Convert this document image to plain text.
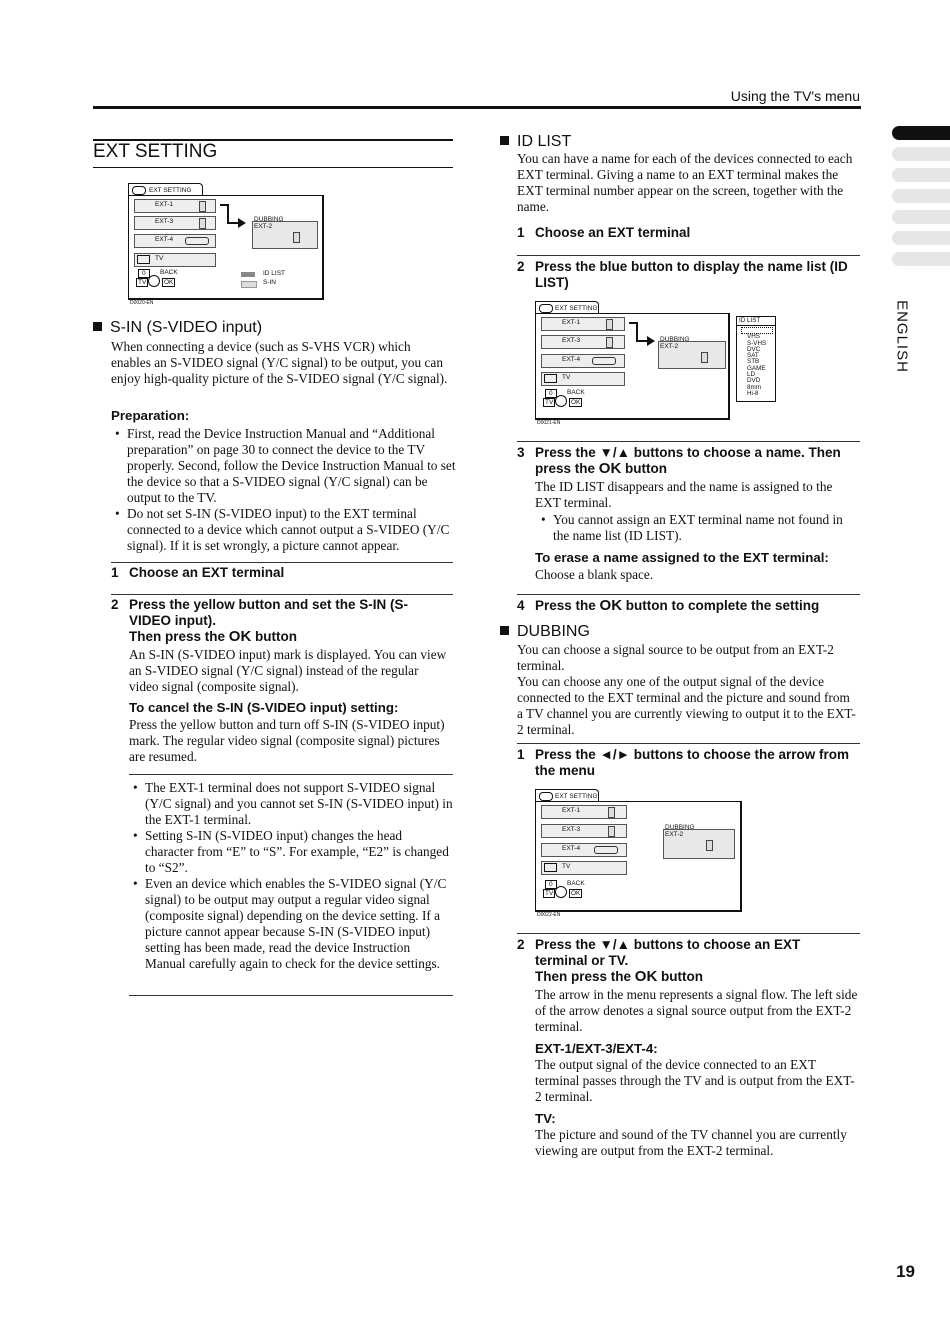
Using the TV's menu
ENGLISH
EXT SETTING
EXT SETTING
EXT-1
EXT-3
EXT-4
TV
DUBBING
EXT-2
0	BACK
TV	OK
ID LIST
S-IN
D0020-EN
S-IN (S-VIDEO input)
When connecting a device (such as S-VHS VCR) which enables an S-VIDEO signal (Y/C signal) to be output, you can enjoy high-quality picture of the S-VIDEO signal (Y/C signal).
Preparation:
• First, read the Device Instruction Manual and “Additional preparation” on page 30 to connect the device to the TV properly. Second, follow the Device Instruction Manual to set the device so that a S-VIDEO signal (Y/C signal) can be output to the TV.
• Do not set S-IN (S-VIDEO input) to the EXT terminal connected to a device which cannot output a S-VIDEO (Y/C signal). If it is set wrongly, a picture cannot appear.
1 Choose an EXT terminal
2 Press the yellow button and set the S-IN (S-VIDEO input).
Then press the OK button
An S-IN (S-VIDEO input) mark is displayed. You can view an S-VIDEO signal (Y/C signal) instead of the regular video signal (composite signal).
To cancel the S-IN (S-VIDEO input) setting:
Press the yellow button and turn off S-IN (S-VIDEO input) mark. The regular video signal (composite signal) pictures are resumed.
• The EXT-1 terminal does not support S-VIDEO signal (Y/C signal) and you cannot set S-IN (S-VIDEO input) in the EXT-1 terminal.
• Setting S-IN (S-VIDEO input) changes the head character from “E” to “S”. For example, “E2” is changed to “S2”.
• Even an device which enables the S-VIDEO signal (Y/C signal) to be output may output a regular video signal (composite signal) depending on the device setting. If a picture cannot appear because S-IN (S-VIDEO input) setting has been made, read the device Instruction Manual carefully again to check for the device settings.
ID LIST
You can have a name for each of the devices connected to each EXT terminal. Giving a name to an EXT terminal makes the EXT terminal number appear on the screen, together with the name.
1 Choose an EXT terminal
2 Press the blue button to display the name list (ID LIST)
EXT SETTING
EXT-1
EXT-3
EXT-4
TV
DUBBING
EXT-2
0	BACK
TV	OK
ID LIST
VHS
S-VHS
DVC
SAT
STB
GAME
LD
DVD
8mm
Hi-8
D0021-EN
3 Press the ▼/▲ buttons to choose a name. Then
press the OK button
The ID LIST disappears and the name is assigned to the EXT terminal.
• You cannot assign an EXT terminal name not found in the name list (ID LIST).
To erase a name assigned to the EXT terminal:
Choose a blank space.
4 Press the OK button to complete the setting
DUBBING
You can choose a signal source to be output from an EXT-2 terminal.
You can choose any one of the output signal of the device connected to the EXT terminal and the picture and sound from a TV channel you are currently viewing to output it to the EXT-2 terminal.
1 Press the ◄/► buttons to choose the arrow from the menu
EXT SETTING
EXT-1
EXT-3
EXT-4
TV
DUBBING
EXT-2
0	BACK
TV	OK
D0022-EN
2 Press the ▼/▲ buttons to choose an EXT terminal or TV.
Then press the OK button
The arrow in the menu represents a signal flow. The left side of the arrow denotes a signal source output from the EXT-2 terminal.
EXT-1/EXT-3/EXT-4:
The output signal of the device connected to an EXT terminal passes through the TV and is output from the EXT-2 terminal.
TV:
The picture and sound of the TV channel you are currently viewing are output from the EXT-2 terminal.
19
